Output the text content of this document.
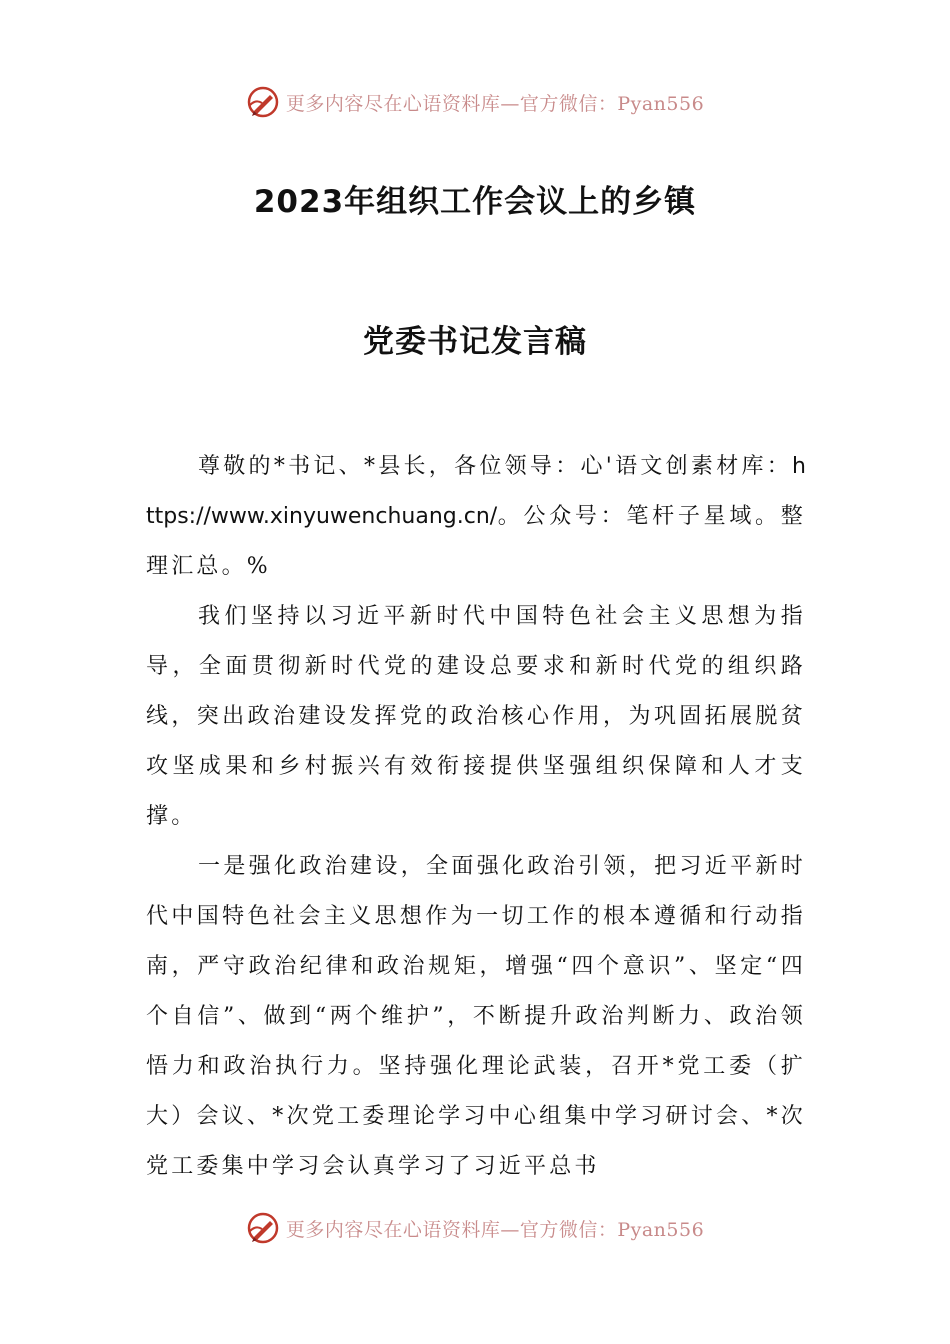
更多内容尽在心语资料库—官方微信：Pyan556
2023年组织工作会议上的乡镇
党委书记发言稿

尊敬的*书记、*县长，各位领导：心'语文创素材库：https://www.xinyuwenchuang.cn/。公众号：笔杆子星域。整理汇总。%

我们坚持以习近平新时代中国特色社会主义思想为指导，全面贯彻新时代党的建设总要求和新时代党的组织路线，突出政治建设发挥党的政治核心作用，为巩固拓展脱贫攻坚成果和乡村振兴有效衔接提供坚强组织保障和人才支撑。

一是强化政治建设，全面强化政治引领，把习近平新时代中国特色社会主义思想作为一切工作的根本遵循和行动指南，严守政治纪律和政治规矩，增强“四个意识”、坚定“四个自信”、做到“两个维护”，不断提升政治判断力、政治领悟力和政治执行力。坚持强化理论武装，召开*党工委（扩大）会议、*次党工委理论学习中心组集中学习研讨会、*次党工委集中学习会认真学习了习近平总书

更多内容尽在心语资料库—官方微信：Pyan556
